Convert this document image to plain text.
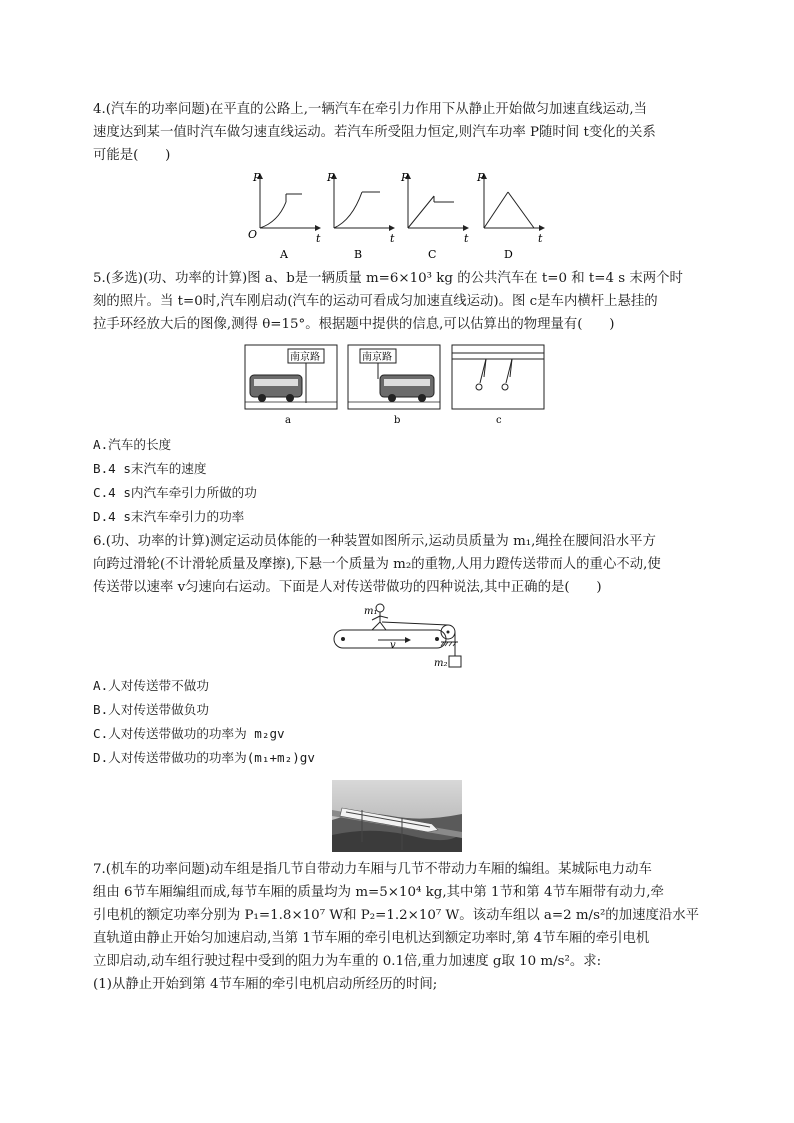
4.(汽车的功率问题)在平直的公路上,一辆汽车在牵引力作用下从静止开始做匀加速直线运动,当
速度达到某一值时汽车做匀速直线运动。若汽车所受阻力恒定,则汽车功率 P随时间 t变化的关系
可能是(　　)
P
t
O
A
P
t
B
P
t
C
P
t
D
5.(多选)(功、功率的计算)图 a、b是一辆质量 m=6×10³ kg 的公共汽车在 t=0 和 t=4 s 末两个时
刻的照片。当 t=0时,汽车刚启动(汽车的运动可看成匀加速直线运动)。图 c是车内横杆上悬挂的
拉手环经放大后的图像,测得 θ=15°。根据题中提供的信息,可以估算出的物理量有(　　)
南京路
a
南京路
b	c
A.汽车的长度
B.4 s末汽车的速度
C.4 s内汽车牵引力所做的功
D.4 s末汽车牵引力的功率
6.(功、功率的计算)测定运动员体能的一种装置如图所示,运动员质量为 m₁,绳拴在腰间沿水平方
向跨过滑轮(不计滑轮质量及摩擦),下悬一个质量为 m₂的重物,人用力蹬传送带而人的重心不动,使
传送带以速率 v匀速向右运动。下面是人对传送带做功的四种说法,其中正确的是(　　)
m₁
v
m₂
A.人对传送带不做功
B.人对传送带做负功
C.人对传送带做功的功率为 m₂gv
D.人对传送带做功的功率为(m₁+m₂)gv
7.(机车的功率问题)动车组是指几节自带动力车厢与几节不带动力车厢的编组。某城际电力动车
组由 6节车厢编组而成,每节车厢的质量均为 m=5×10⁴ kg,其中第 1节和第 4节车厢带有动力,牵
引电机的额定功率分别为 P₁=1.8×10⁷ W和 P₂=1.2×10⁷ W。该动车组以 a=2 m/s²的加速度沿水平
直轨道由静止开始匀加速启动,当第 1节车厢的牵引电机达到额定功率时,第 4节车厢的牵引电机
立即启动,动车组行驶过程中受到的阻力为车重的 0.1倍,重力加速度 g取 10 m/s²。求:
(1)从静止开始到第 4节车厢的牵引电机启动所经历的时间;
